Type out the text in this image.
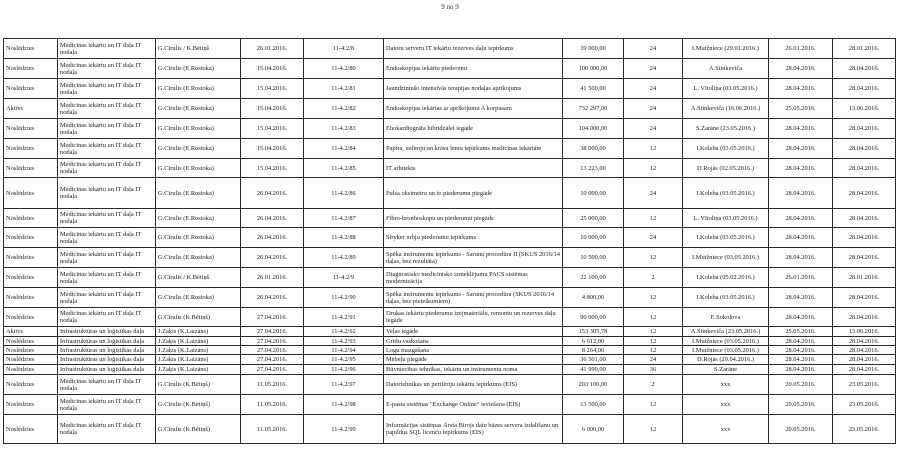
9 no 9
Noslēdzies	Medicīnas iekārtu un IT daļa IT nodaļa	G.Cīrulis / K.Bētiņš	26.01.2016.	11-4.2/8	Datoru serveru IT iekārtu rezerves daļu iepirkums	39 000,00	24	I.Muižniece (29.01.2016.)	26.01.2016.	28.01.2016.
Noslēdzies	Medicīnas iekārtu un IT daļa IT nodaļa	G.Cīrulis (E.Rostoka)	15.04.2016.	11-4.2/80	Endoskopijas iekārtu piederumi	100 000,00	24	A.Stinkeviča	28.04.2016.	28.04.2016.
Noslēdzies	Medicīnas iekārtu un IT daļa IT nodaļa	G.Cīrulis (E.Rostoka)	15.04.2016.	11-4.2/81	Jaundzimušo intensīvās terapijas nodaļas aprīkojums	41 500,00	24	L. Vītoliņa (03.05.2016.)	28.04.2016.	28.04.2016.
Aktīvs	Medicīnas iekārtu un IT daļa IT nodaļa	G.Cīrulis (E.Rostoka)	15.04.2016.	11-4.2/82	Endoskopijas iekārtas ar aprīkojumu A korpusam	732 297,00	24	A.Stinkeviča (16.06.2016.)	25.05.2016.	13.06.2016.
Noslēdzies	Medicīnas iekārtu un IT daļa IT nodaļa	G.Cīrulis (E.Rostoka)	15.04.2016.	11-4.2/83	Ehokardiogrāfa hibrīdzālei iegāde	104 000,00	24	S.Zarāne (23.05.2016.)	28.04.2016.	28.04.2016.
Noslēdzies	Medicīnas iekārtu un IT daļa IT nodaļa	G.Cīrulis (E.Rostoka)	15.04.2016.	11-4.2/84	Papīra, uzlīmju un krāsu lentu iepirkums medicīnas iekārtām	38 000,00	12	I.Koleba (03.05.2016.)	28.04.2016.	28.04.2016.
Noslēdzies	Medicīnas iekārtu un IT daļa IT nodaļa	G.Cīrulis (E.Rostoka)	15.04.2016.	11-4.2/85	IT arhitekts	13 223,00	12	D.Rojās (02.05.2016.)	28.04.2016.	28.04.2016.
Noslēdzies	Medicīnas iekārtu un IT daļa IT nodaļa	G.Cīrulis (E.Rostoka)	26.04.2016.	11-4.2/86	Pulsa oksimetru un to piederumu piegāde	10 000,00	24	I.Koleba (03.05.2016.)	28.04.2016.	28.04.2016.
Noslēdzies	Medicīnas iekārtu un IT daļa IT nodaļa	G.Cīrulis (E.Rostoka)	26.04.2016.	11-4.2/87	Fibro-bronhoskopu un piederumu piegāde	25 000,00	12	L. Vītoliņa (03.05.2016.)	28.04.2016.	28.04.2016.
Noslēdzies	Medicīnas iekārtu un IT daļa IT nodaļa	G.Cīrulis (E.Rostoka)	26.04.2016.	11-4.2/88	Stryker urbju piederumu iepirkums	10 000,00	24	I.Koleba (03.05.2016.)	28.04.2016.	28.04.2016.
Noslēdzies	Medicīnas iekārtu un IT daļa IT nodaļa	G.Cīrulis (E.Rostoka)	26.04.2016.	11-4.2/89	Spēka instrumentu iepirkums - Sarunu procedūra II (SKUS 2016/14 daļas, bez rezultāta)	10 500,00	12	I.Muižniece (03.05.2016.)	28.04.2016.	28.04.2016.
Noslēdzies	Medicīnas iekārtu un IT daļa IT nodaļa	G.Cīrulis / K.Bētiņš	26.01.2016.	11-4.2/9	Diagnostisko medicīnisko izmeklējumu PACS sistēmas modernizācija	22 100,00	2	I.Koleba (05.02.2016.)	26.01.2016.	28.01.2016.
Noslēdzies	Medicīnas iekārtu un IT daļa IT nodaļa	G.Cīrulis (E.Rostoka)	26.04.2016.	11-4.2/90	Spēka instrumentu iepirkums - Sarunu procedūra (SKUS 2016/14 daļas, bez pieteikumiem)	4 800,00	12	I.Koleba (03.05.2016.)	28.04.2016.	28.04.2016.
Noslēdzies	Medicīnas iekārtu un IT daļa IT nodaļa	G.Cīrulis (K.Bētiņš)	27.04.2016.	11-4.2/91	Drukas iekārtu piederumu izejmateriālu, remontu un rezerves daļu iegāde	90 000,00	12	E.Sokolova	28.04.2016.	28.04.2016.
Aktīvs	Infrastruktūras un loģistikas daļa	J.Zaķis (K.Laizāns)	27.04.2016.	11-4.2/92	Veļas iegāde	153 305,78	12	A.Stinkeviča (23.05.2016.)	25.05.2016.	13.06.2016.
Noslēdzies	Infrastruktūras un loģistikas daļa	J.Zaķis (K.Laizāns)	27.04.2016.	11-4.2/93	Grīdu vaskošana	6 612,00	12	I.Muižniece (03.05.2016.)	28.04.2016.	28.04.2016.
Noslēdzies	Infrastruktūras un loģistikas daļa	J.Zaķis (K.Laizāns)	27.04.2016.	11-4.2/94	Logu mazgāšana	8 264,00	12	I.Muižniece (03.05.2016.)	28.04.2016.	28.04.2016.
Noslēdzies	Infrastruktūras un loģistikas daļa	J.Zaķis (K.Laizāns)	27.04.2016.	11-4.2/95	Mēbeļu piegāde	36 501,00	24	D.Rojās (29.04.2016.)	28.04.2016.	28.04.2016.
Noslēdzies	Infrastruktūras un loģistikas daļa	J.Zaķis (K.Laizāns)	27.04.2016.	11-4.2/96	Būvniecības tehnikas, iekārtu un instrumentu noma	41 999,00	36	S.Zarāne	28.04.2016.	28.04.2016.
Noslēdzies	Medicīnas iekārtu un IT daļa IT nodaļa	G.Cīrulis (K.Bētiņš)	11.05.2016.	11-4.2/97	Datortehnikas un perifēriju iekārtu iepirkums (EIS)	203 100,00	2	xxx	20.05.2016.	23.05.2016.
Noslēdzies	Medicīnas iekārtu un IT daļa IT nodaļa	G.Cīrulis (K.Bētiņš)	11.05.2016.	11-4.2/98	E-pasta sistēmas "Exchange Online" ieviešana (EIS)	13 500,00	12	xxx	20.05.2016.	23.05.2016.
Noslēdzies	Medicīnas iekārtu un IT daļa IT nodaļa	G.Cīrulis (K.Bētiņš)	11.05.2016.	11-4.2/99	Informācijas sistēmas Ārsta Birojs datu bāzes servera izdalīšanu un papildus SQL licenču iepirkums (EIS)	6 000,00	12	xxx	20.05.2016.	23.05.2016.
